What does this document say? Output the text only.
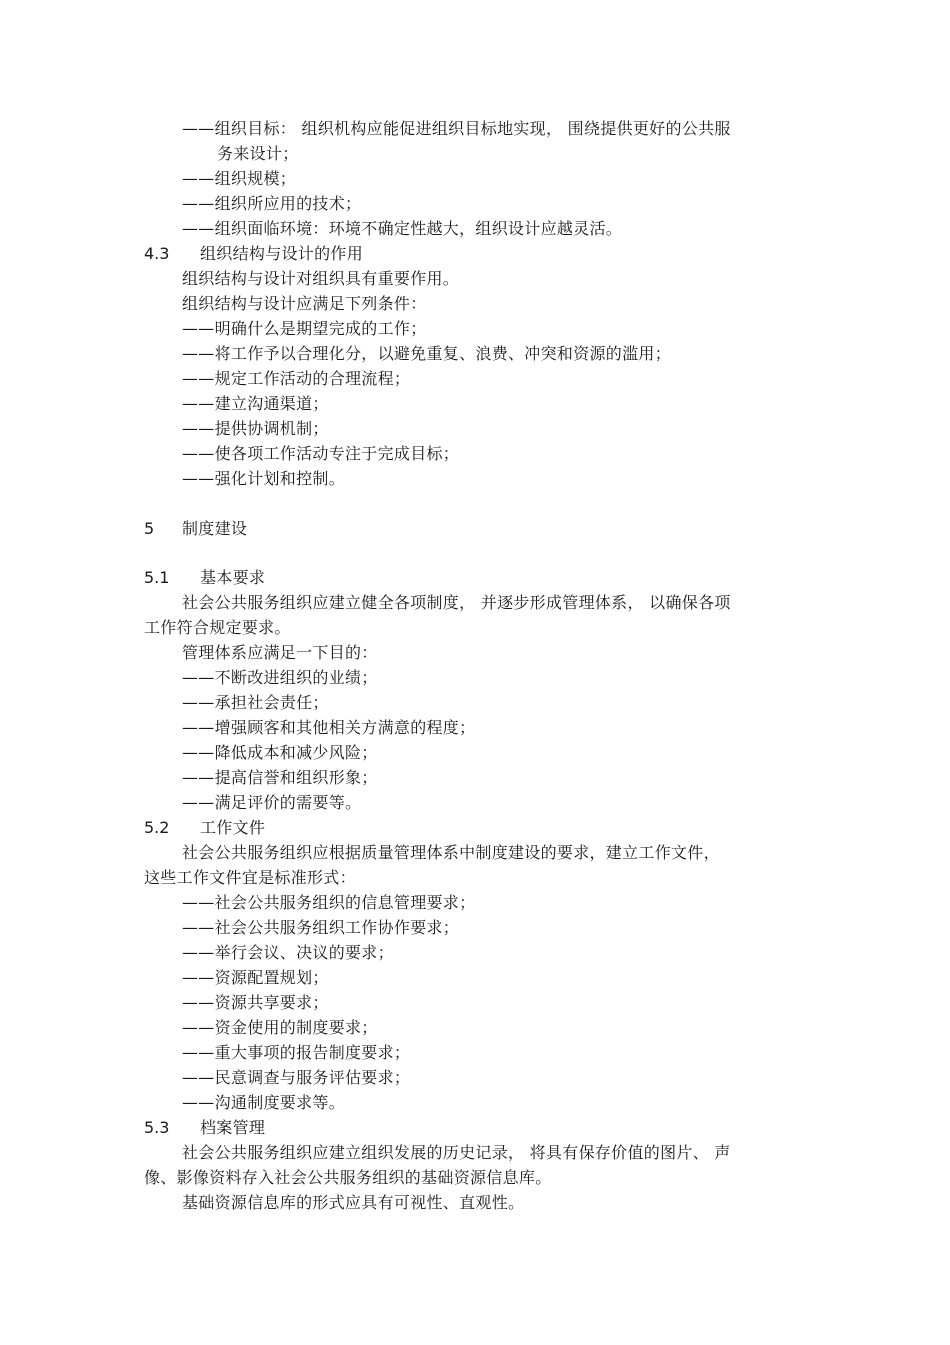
——组织目标： 组织机构应能促进组织目标地实现， 围绕提供更好的公共服
务来设计；
——组织规模；
——组织所应用的技术；
——组织面临环境：环境不确定性越大，组织设计应越灵活。
4.3 组织结构与设计的作用
组织结构与设计对组织具有重要作用。
组织结构与设计应满足下列条件：
——明确什么是期望完成的工作；
——将工作予以合理化分，以避免重复、浪费、冲突和资源的滥用；
——规定工作活动的合理流程；
——建立沟通渠道；
——提供协调机制；
——使各项工作活动专注于完成目标；
——强化计划和控制。
5 制度建设
5.1 基本要求
社会公共服务组织应建立健全各项制度， 并逐步形成管理体系， 以确保各项
工作符合规定要求。
管理体系应满足一下目的：
——不断改进组织的业绩；
——承担社会责任；
——增强顾客和其他相关方满意的程度；
——降低成本和减少风险；
——提高信誉和组织形象；
——满足评价的需要等。
5.2 工作文件
社会公共服务组织应根据质量管理体系中制度建设的要求，建立工作文件，
这些工作文件宜是标准形式：
——社会公共服务组织的信息管理要求；
——社会公共服务组织工作协作要求；
——举行会议、决议的要求；
——资源配置规划；
——资源共享要求；
——资金使用的制度要求；
——重大事项的报告制度要求；
——民意调查与服务评估要求；
——沟通制度要求等。
5.3 档案管理
社会公共服务组织应建立组织发展的历史记录， 将具有保存价值的图片、 声
像、影像资料存入社会公共服务组织的基础资源信息库。
基础资源信息库的形式应具有可视性、直观性。
